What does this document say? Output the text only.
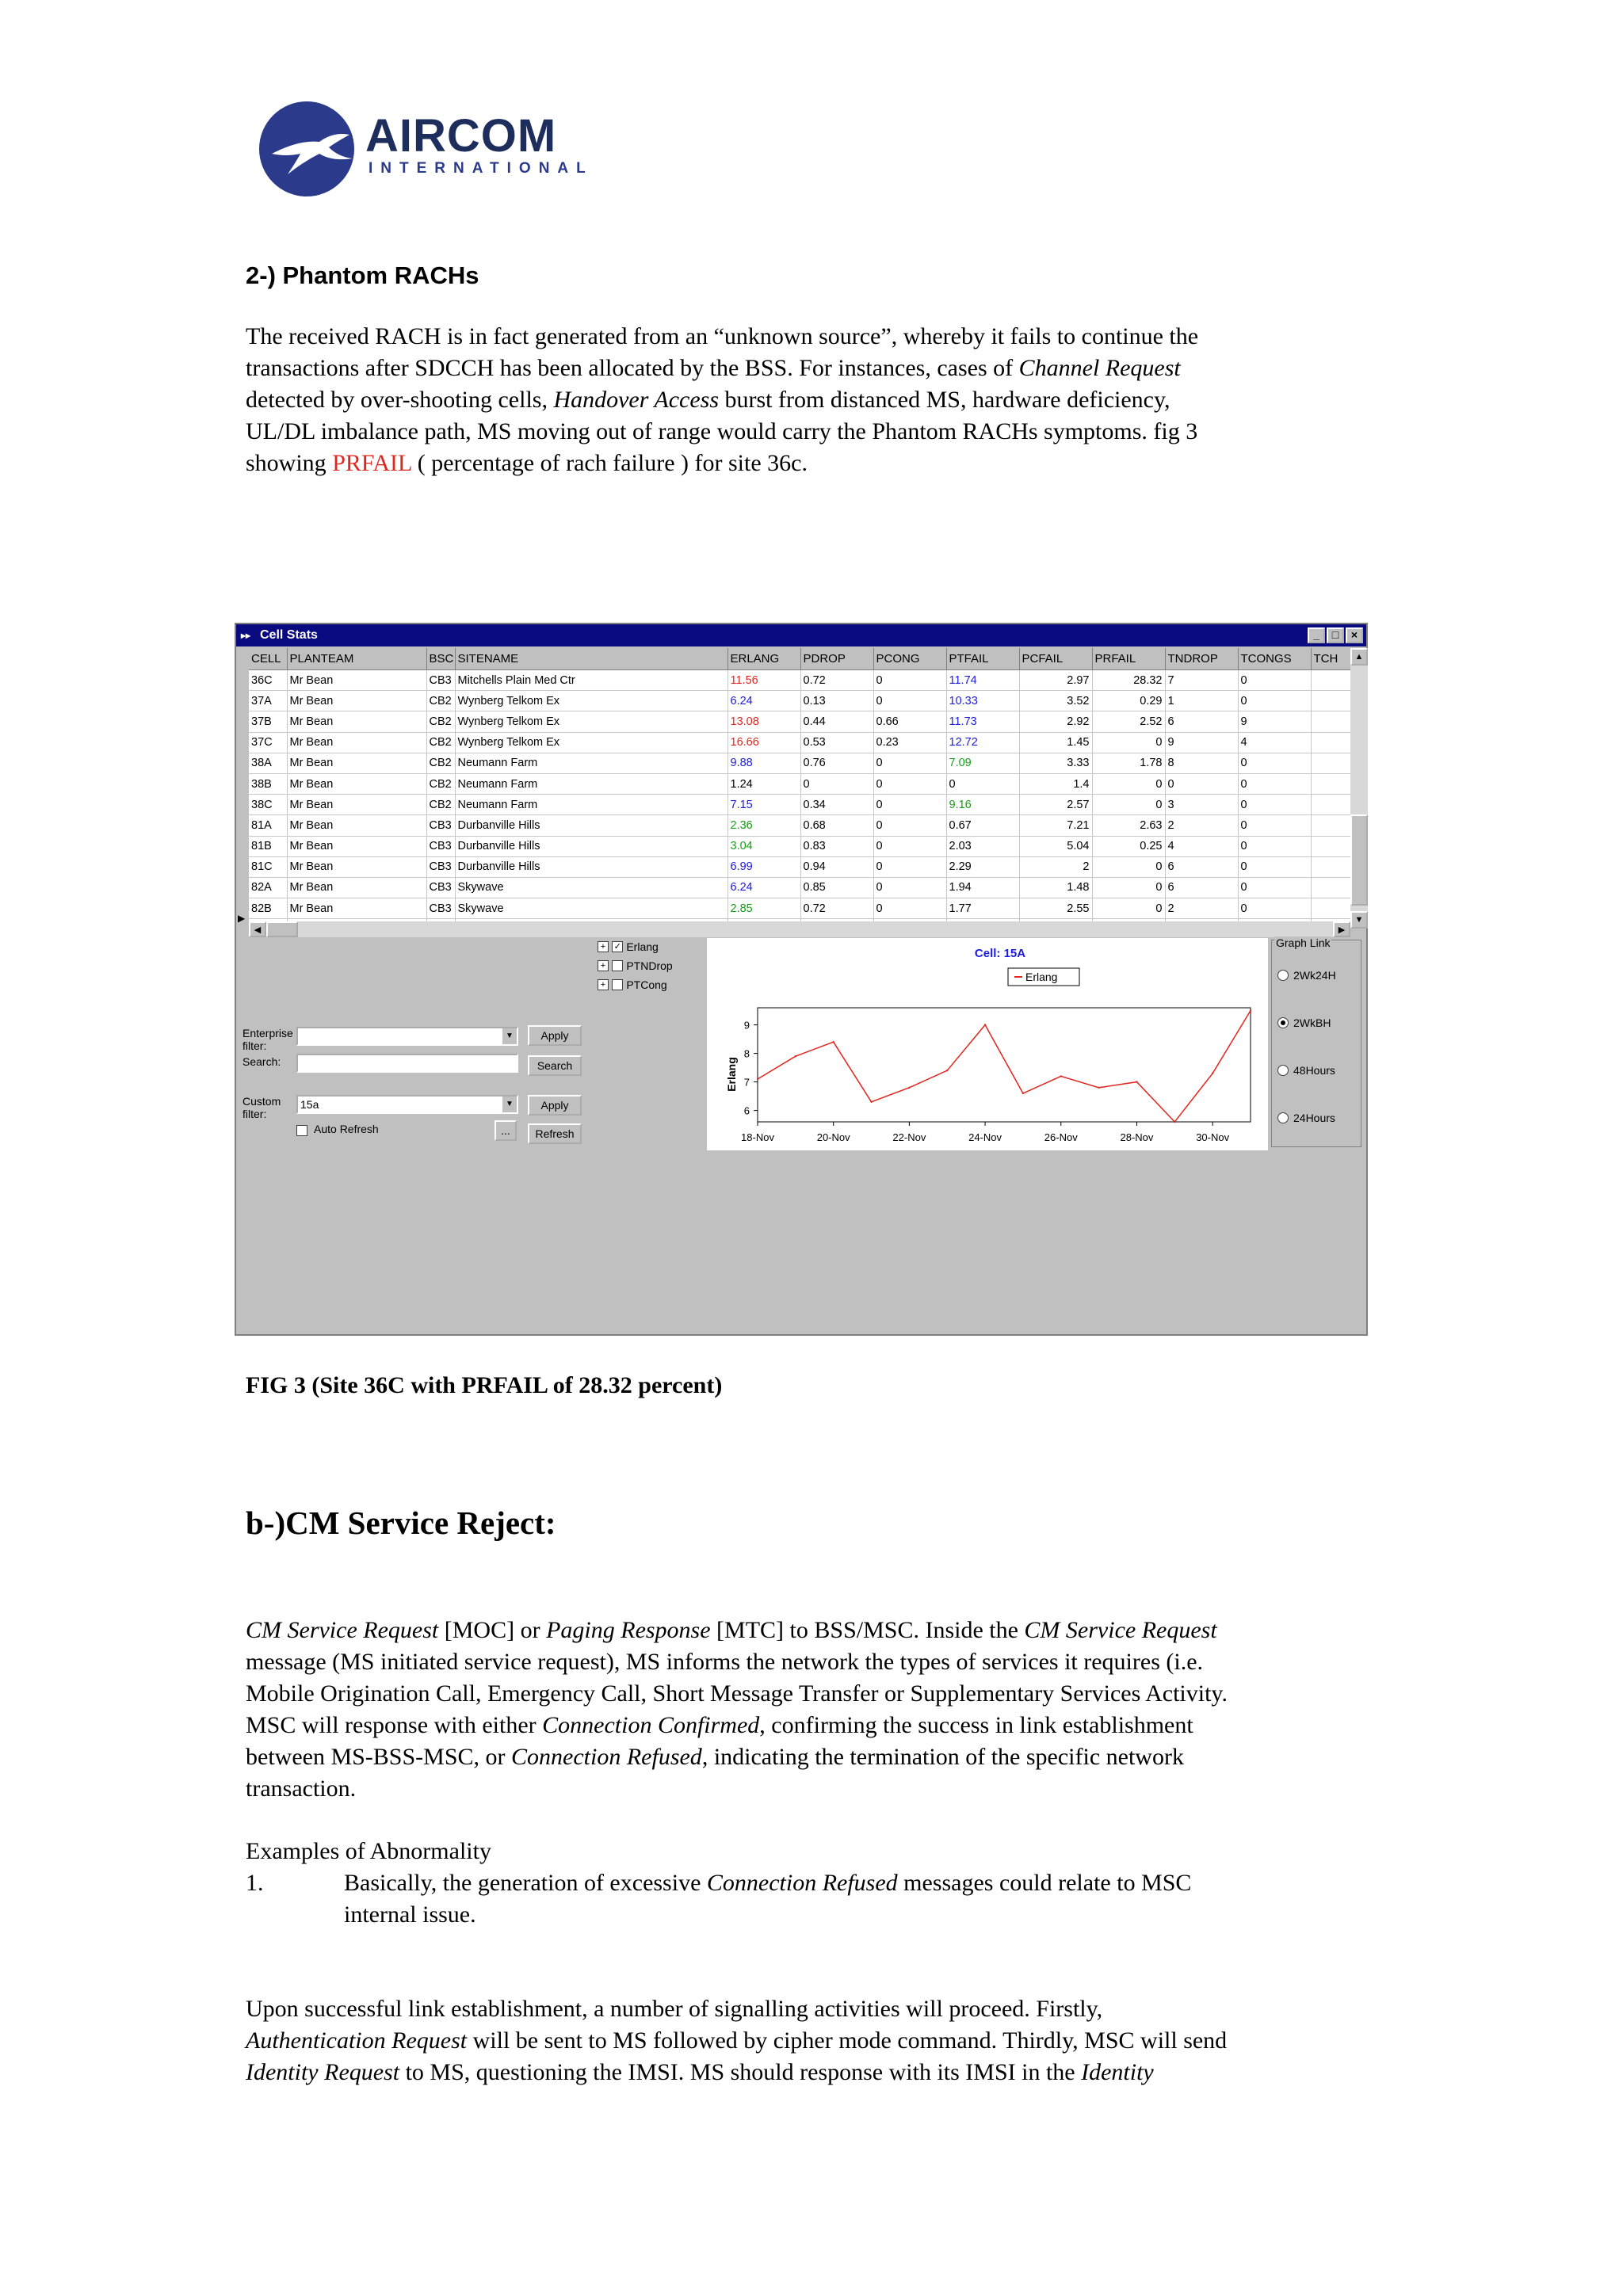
AIRCOM
INTERNATIONAL
2-) Phantom RACHs
The received RACH is in fact generated from an “unknown source”, whereby it fails to continue the
transactions after SDCCH has been allocated by the BSS. For instances, cases of Channel Request
detected by over-shooting cells, Handover Access burst from distanced MS, hardware deficiency,
UL/DL imbalance path, MS moving out of range would carry the Phantom RACHs symptoms. fig 3
showing PRFAIL ( percentage of rach failure ) for site 36c.
▸▸ Cell Stats	_	□	×
▶
CELL	PLANTEAM	BSC	SITENAME	ERLANG	PDROP	PCONG	PTFAIL	PCFAIL	PRFAIL	TNDROP	TCONGS	TCH
36C	Mr Bean	CB3	Mitchells Plain Med Ctr	11.56	0.72	0	11.74	2.97	28.32	7	0	
37A	Mr Bean	CB2	Wynberg Telkom Ex	6.24	0.13	0	10.33	3.52	0.29	1	0	
37B	Mr Bean	CB2	Wynberg Telkom Ex	13.08	0.44	0.66	11.73	2.92	2.52	6	9	
37C	Mr Bean	CB2	Wynberg Telkom Ex	16.66	0.53	0.23	12.72	1.45	0	9	4	
38A	Mr Bean	CB2	Neumann Farm	9.88	0.76	0	7.09	3.33	1.78	8	0	
38B	Mr Bean	CB2	Neumann Farm	1.24	0	0	0	1.4	0	0	0	
38C	Mr Bean	CB2	Neumann Farm	7.15	0.34	0	9.16	2.57	0	3	0	
81A	Mr Bean	CB3	Durbanville Hills	2.36	0.68	0	0.67	7.21	2.63	2	0	
81B	Mr Bean	CB3	Durbanville Hills	3.04	0.83	0	2.03	5.04	0.25	4	0	
81C	Mr Bean	CB3	Durbanville Hills	6.99	0.94	0	2.29	2	0	6	0	
82A	Mr Bean	CB3	Skywave	6.24	0.85	0	1.94	1.48	0	6	0	
82B	Mr Bean	CB3	Skywave	2.85	0.72	0	1.77	2.55	0	2	0	

▲
▼
◀	▶
Enterprise
filter:
▼	Apply
Search:	Search
Custom
filter:
15a	▼	Apply
Auto Refresh	...	Refresh
+ ✓ Erlang
+ PTNDrop
+ PTCong
Cell: 15A
Erlang
Erlang
6
7
8
9
18-Nov	20-Nov	22-Nov	24-Nov	26-Nov	28-Nov	30-Nov
Graph Link
2Wk24H
2WkBH
48Hours
24Hours
FIG 3 (Site 36C with PRFAIL of 28.32 percent)
b-)CM Service Reject:
CM Service Request [MOC] or Paging Response [MTC] to BSS/MSC. Inside the CM Service Request
message (MS initiated service request), MS informs the network the types of services it requires (i.e.
Mobile Origination Call, Emergency Call, Short Message Transfer or Supplementary Services Activity.
MSC will response with either Connection Confirmed, confirming the success in link establishment
between MS-BSS-MSC, or Connection Refused, indicating the termination of the specific network
transaction.
Examples of Abnormality
1.	Basically, the generation of excessive Connection Refused messages could relate to MSC
internal issue.
Upon successful link establishment, a number of signalling activities will proceed. Firstly,
Authentication Request will be sent to MS followed by cipher mode command. Thirdly, MSC will send
Identity Request to MS, questioning the IMSI. MS should response with its IMSI in the Identity
